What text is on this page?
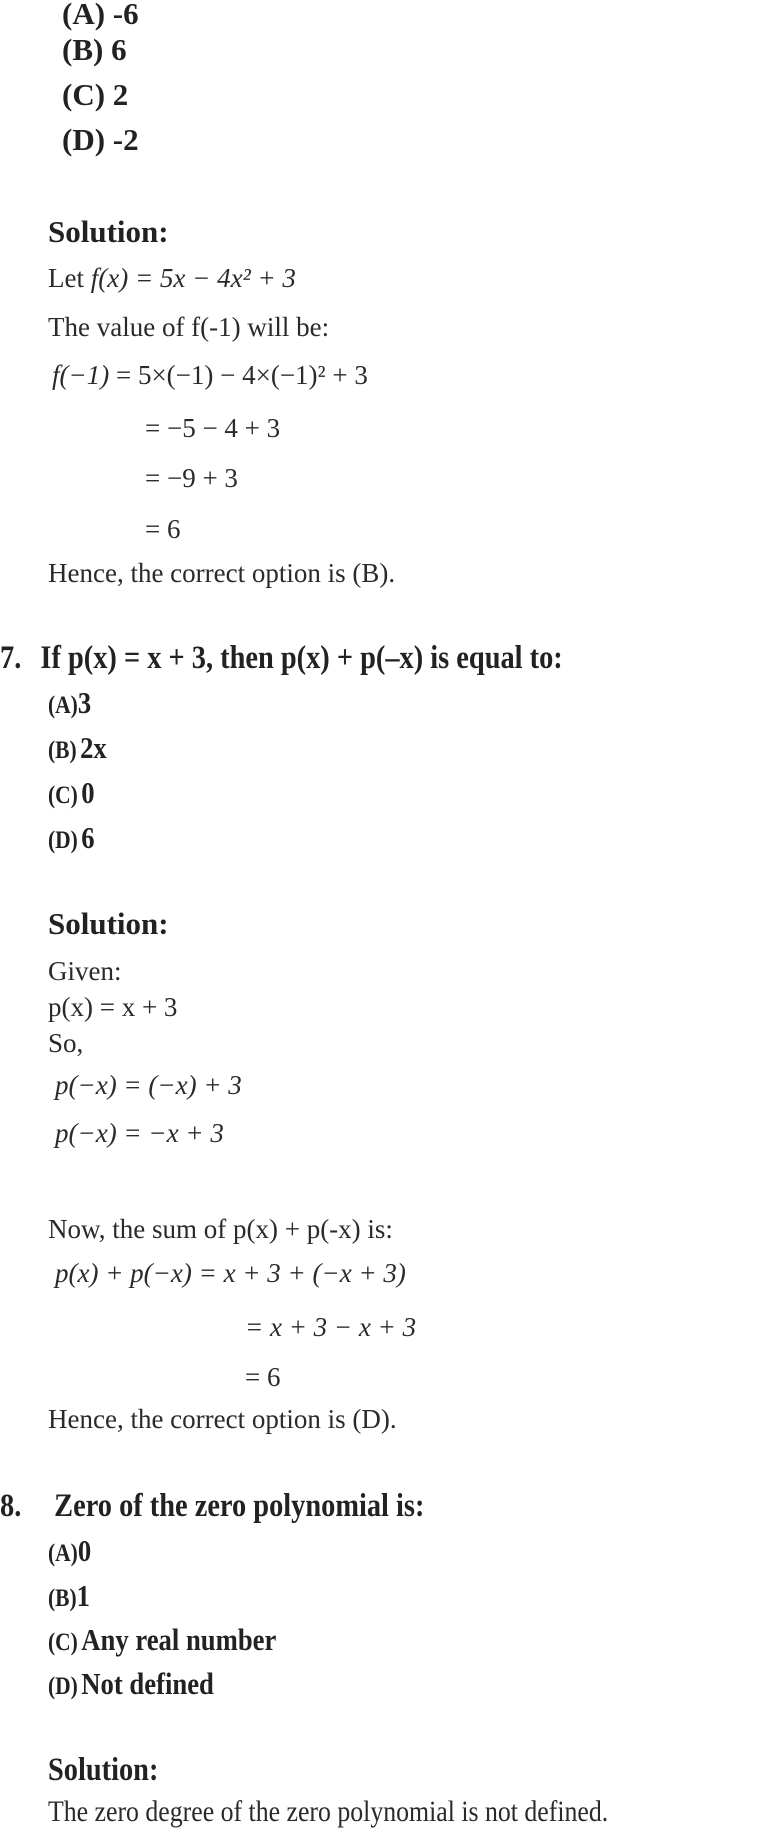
(A) -6
(B) 6
(C) 2
(D) -2
Solution:
Let f(x) = 5x − 4x² + 3
The value of f(-1) will be:
f(−1) = 5×(−1) − 4×(−1)² + 3
= −5 − 4 + 3
= −9 + 3
= 6
Hence, the correct option is (B).
7. If p(x) = x + 3, then p(x) + p(–x) is equal to:
(A)3
(B) 2x
(C) 0
(D) 6
Solution:
Given:
p(x) = x + 3
So,
p(−x) = (−x) + 3
p(−x) = −x + 3
Now, the sum of p(x) + p(-x) is:
p(x) + p(−x) = x + 3 + (−x + 3)
= x + 3 − x + 3
= 6
Hence, the correct option is (D).
8. Zero of the zero polynomial is:
(A)0
(B)1
(C) Any real number
(D) Not defined
Solution:
The zero degree of the zero polynomial is not defined.
